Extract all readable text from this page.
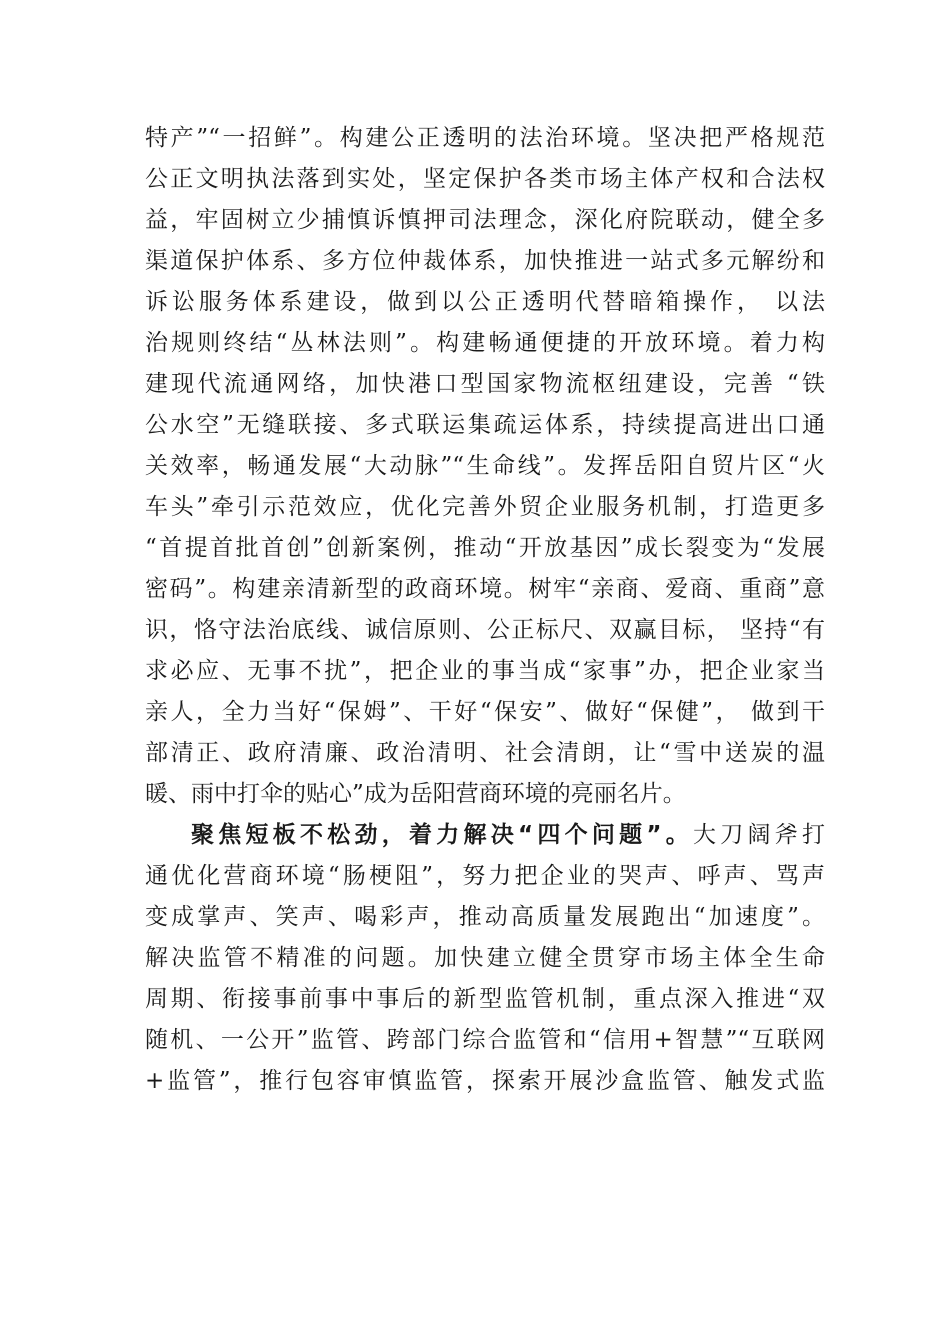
特产”“一招鲜”。构建公正透明的法治环境。坚决把严格规范
公正文明执法落到实处，坚定保护各类市场主体产权和合法权
益，牢固树立少捕慎诉慎押司法理念，深化府院联动，健全多
渠道保护体系、多方位仲裁体系，加快推进一站式多元解纷和
诉讼服务体系建设，做到以公正透明代替暗箱操作， 以法
治规则终结“丛林法则”。构建畅通便捷的开放环境。着力构
建现代流通网络，加快港口型国家物流枢纽建设，完善 “铁
公水空”无缝联接、多式联运集疏运体系，持续提高进出口通
关效率，畅通发展“大动脉”“生命线”。发挥岳阳自贸片区“火
车头”牵引示范效应，优化完善外贸企业服务机制，打造更多
“首提首批首创”创新案例，推动“开放基因”成长裂变为“发展
密码”。构建亲清新型的政商环境。树牢“亲商、爱商、重商”意
识，恪守法治底线、诚信原则、公正标尺、双赢目标， 坚持“有
求必应、无事不扰”，把企业的事当成“家事”办，把企业家当
亲人，全力当好“保姆”、干好“保安”、做好“保健”， 做到干
部清正、政府清廉、政治清明、社会清朗，让“雪中送炭的温
暖、雨中打伞的贴心”成为岳阳营商环境的亮丽名片。
聚焦短板不松劲，着力解决“四个问题”。大刀阔斧打
通优化营商环境“肠梗阻”，努力把企业的哭声、呼声、骂声
变成掌声、笑声、喝彩声，推动高质量发展跑出“加速度”。
解决监管不精准的问题。加快建立健全贯穿市场主体全生命
周期、衔接事前事中事后的新型监管机制，重点深入推进“双
随机、一公开”监管、跨部门综合监管和“信用+智慧”“互联网
+监管”，推行包容审慎监管，探索开展沙盒监管、触发式监
